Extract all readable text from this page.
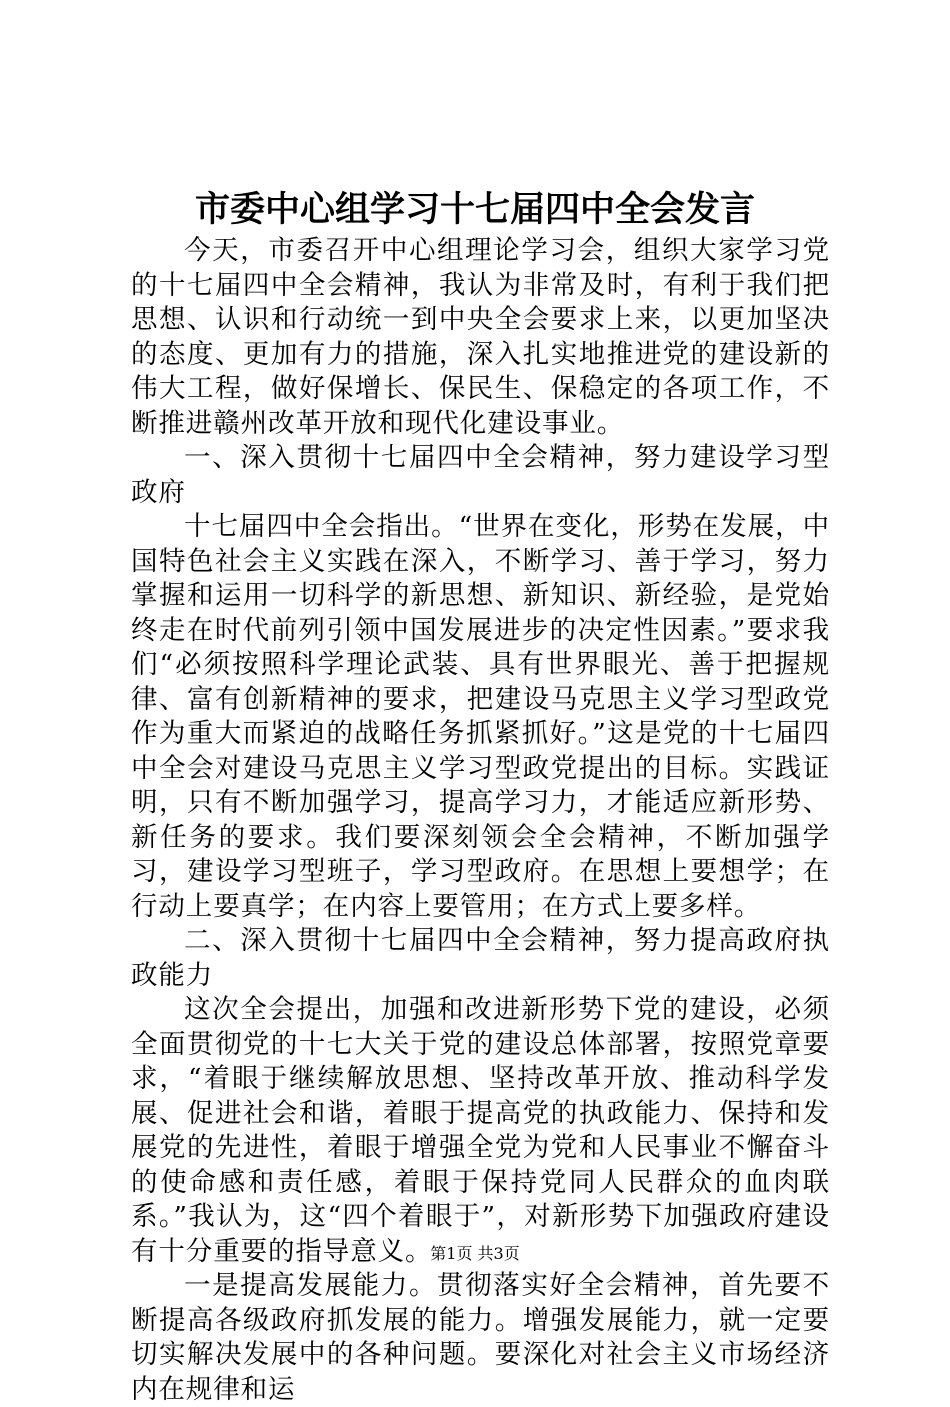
市委中心组学习十七届四中全会发言

今天，市委召开中心组理论学习会，组织大家学习党的十七届四中全会精神，我认为非常及时，有利于我们把思想、认识和行动统一到中央全会要求上来，以更加坚决的态度、更加有力的措施，深入扎实地推进党的建设新的伟大工程，做好保增长、保民生、保稳定的各项工作，不断推进赣州改革开放和现代化建设事业。

一、深入贯彻十七届四中全会精神，努力建设学习型政府

十七届四中全会指出。“世界在变化，形势在发展，中国特色社会主义实践在深入，不断学习、善于学习，努力掌握和运用一切科学的新思想、新知识、新经验，是党始终走在时代前列引领中国发展进步的决定性因素。”要求我们“必须按照科学理论武装、具有世界眼光、善于把握规律、富有创新精神的要求，把建设马克思主义学习型政党作为重大而紧迫的战略任务抓紧抓好。”这是党的十七届四中全会对建设马克思主义学习型政党提出的目标。实践证明，只有不断加强学习，提高学习力，才能适应新形势、新任务的要求。我们要深刻领会全会精神，不断加强学习，建设学习型班子，学习型政府。在思想上要想学；在行动上要真学；在内容上要管用；在方式上要多样。

二、深入贯彻十七届四中全会精神，努力提高政府执政能力

这次全会提出，加强和改进新形势下党的建设，必须全面贯彻党的十七大关于党的建设总体部署，按照党章要求，“着眼于继续解放思想、坚持改革开放、推动科学发展、促进社会和谐，着眼于提高党的执政能力、保持和发展党的先进性，着眼于增强全党为党和人民事业不懈奋斗的使命感和责任感，着眼于保持党同人民群众的血肉联系。”我认为，这“四个着眼于”，对新形势下加强政府建设有十分重要的指导意义。

一是提高发展能力。贯彻落实好全会精神，首先要不断提高各级政府抓发展的能力。增强发展能力，就一定要切实解决发展中的各种问题。要深化对社会主义市场经济内在规律和运

第1页 共3页
